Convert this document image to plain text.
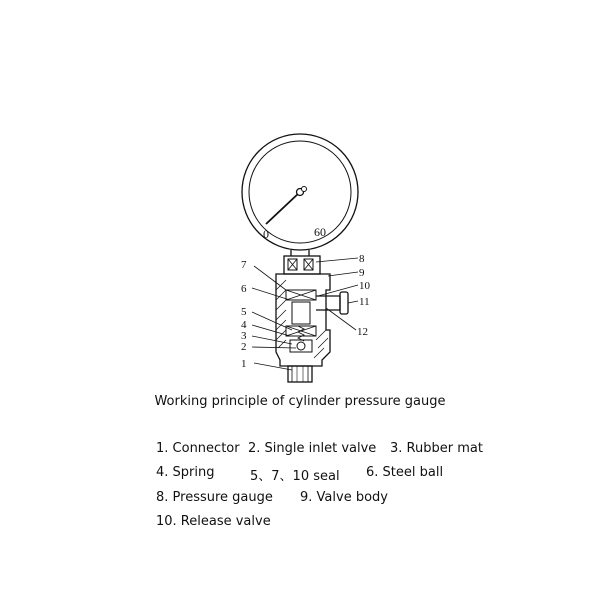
0	60
7
6
5
4
3
2
1
8
9
10
11
12
Working principle of cylinder pressure gauge

1. Connector

2. Single inlet valve

3. Rubber mat

4. Spring

	5、7、10 seal

6. Steel ball

8. Pressure gauge

9. Valve body

10. Release valve
